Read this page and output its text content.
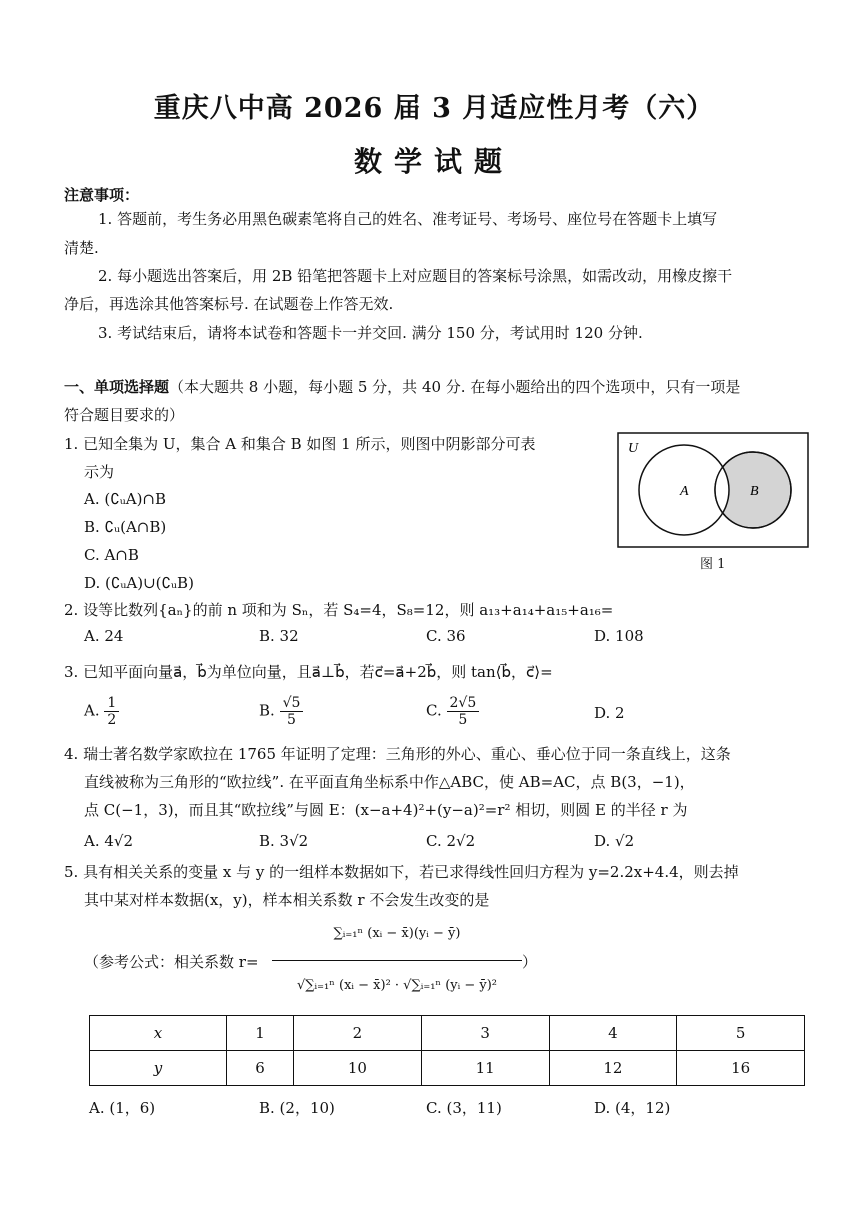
重庆八中高 2026 届 3 月适应性月考（六）
数学试题
注意事项：
1. 答题前，考生务必用黑色碳素笔将自己的姓名、准考证号、考场号、座位号在答题卡上填写
清楚.
2. 每小题选出答案后，用 2B 铅笔把答题卡上对应题目的答案标号涂黑，如需改动，用橡皮擦干
净后，再选涂其他答案标号. 在试题卷上作答无效.
3. 考试结束后，请将本试卷和答题卡一并交回. 满分 150 分，考试用时 120 分钟.
一、单项选择题（本大题共 8 小题，每小题 5 分，共 40 分. 在每小题给出的四个选项中，只有一项是
符合题目要求的）
1. 已知全集为 U，集合 A 和集合 B 如图 1 所示，则图中阴影部分可表
示为
A. (∁ᵤA)∩B
B. ∁ᵤ(A∩B)
C. A∩B
D. (∁ᵤA)∪(∁ᵤB)
U
A	B
图 1
2. 设等比数列{aₙ}的前 n 项和为 Sₙ，若 S₄=4，S₈=12，则 a₁₃+a₁₄+a₁₅+a₁₆=
A. 24	B. 32	C. 36	D. 108
3. 已知平面向量a⃗，b⃗为单位向量，且a⃗⊥b⃗，若c⃗=a⃗+2b⃗，则 tan⟨b⃗，c⃗⟩=
A. $\frac{1}{2}$	B. $\frac{√5}{5}$	C. $\frac{2√5}{5}$	D. 2
4. 瑞士著名数学家欧拉在 1765 年证明了定理：三角形的外心、重心、垂心位于同一条直线上，这条
直线被称为三角形的“欧拉线”. 在平面直角坐标系中作△ABC，使 AB=AC，点 B(3，−1)，
点 C(−1，3)，而且其“欧拉线”与圆 E：(x−a+4)²+(y−a)²=r² 相切，则圆 E 的半径 r 为
A. 4√2	B. 3√2	C. 2√2	D. √2
5. 具有相关关系的变量 x 与 y 的一组样本数据如下，若已求得线性回归方程为 y=2.2x+4.4，则去掉
其中某对样本数据(x，y)，样本相关系数 r 不会发生改变的是
（参考公式：相关系数 r=
∑ᵢ₌₁ⁿ (xᵢ − x̄)(yᵢ − ȳ)
√∑ᵢ₌₁ⁿ (xᵢ − x̄)² · √∑ᵢ₌₁ⁿ (yᵢ − ȳ)²
）
x	1	2	3	4	5
y	6	10	11	12	16
A. (1，6)	B. (2，10)	C. (3，11)	D. (4，12)
